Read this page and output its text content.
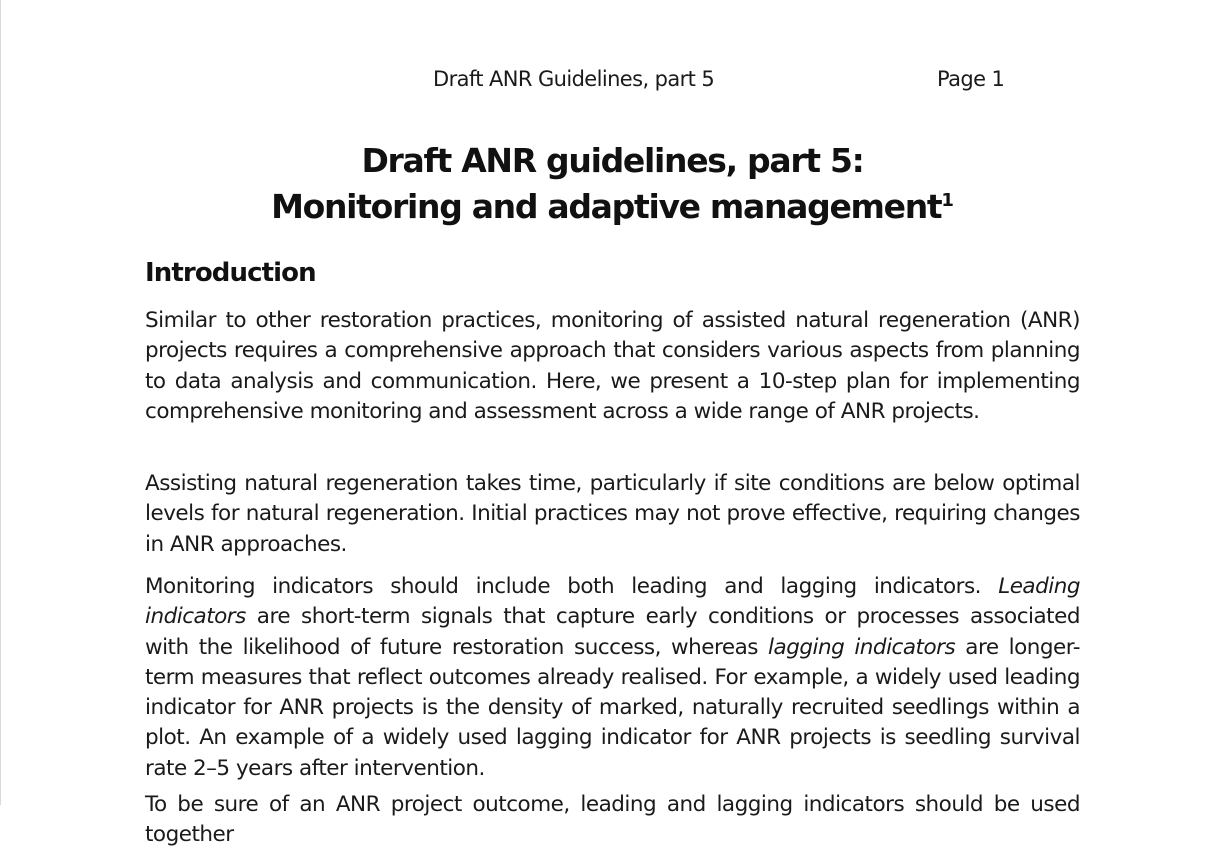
Draft ANR Guidelines, part 5	Page 1
Draft ANR guidelines, part 5:
Monitoring and adaptive management$^1$
Introduction

Similar to other restoration practices, monitoring of assisted natural regeneration (ANR) projects requires a comprehensive approach that considers various aspects from planning to data analysis and communication. Here, we present a 10-step plan for implementing comprehensive monitoring and assessment across a wide range of ANR projects.

Assisting natural regeneration takes time, particularly if site conditions are below optimal levels for natural regeneration. Initial practices may not prove effective, requiring changes in ANR approaches.

Monitoring indicators should include both leading and lagging indicators. Leading indicators are short-term signals that capture early conditions or processes associated with the likelihood of future restoration success, whereas lagging indicators are longer-term measures that reflect outcomes already realised. For example, a widely used leading indicator for ANR projects is the density of marked, naturally recruited seedlings within a plot. An example of a widely used lagging indicator for ANR projects is seedling survival rate 2–5 years after intervention.

To be sure of an ANR project outcome, leading and lagging indicators should be used together
